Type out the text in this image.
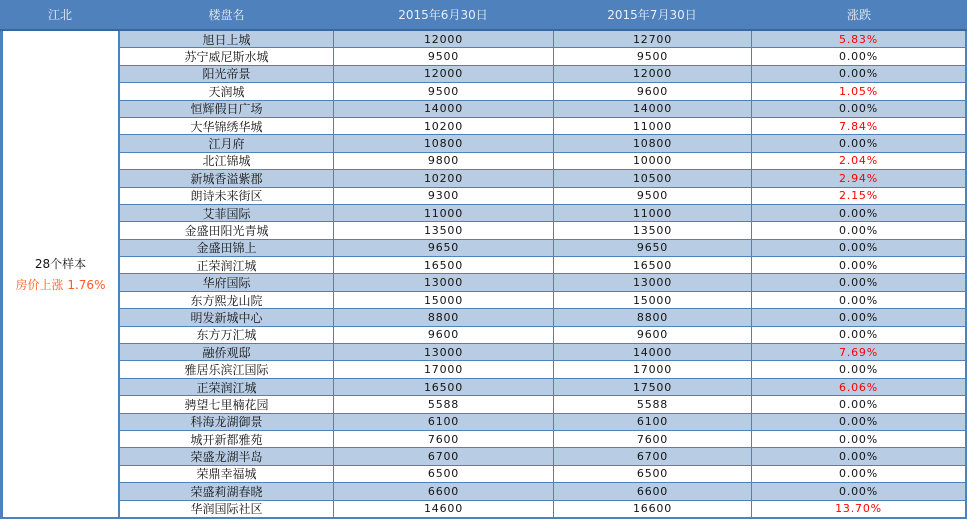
江北	楼盘名	2015年6月30日	2015年7月30日	涨跌
28个样本
房价上涨 1.76%
旭日上城	12000	12700	5.83%
苏宁威尼斯水城	9500	9500	0.00%
阳光帝景	12000	12000	0.00%
天润城	9500	9600	1.05%
恒辉假日广场	14000	14000	0.00%
大华锦绣华城	10200	11000	7.84%
江月府	10800	10800	0.00%
北江锦城	9800	10000	2.04%
新城香溢紫郡	10200	10500	2.94%
朗诗未来街区	9300	9500	2.15%
艾菲国际	11000	11000	0.00%
金盛田阳光青城	13500	13500	0.00%
金盛田锦上	9650	9650	0.00%
正荣润江城	16500	16500	0.00%
华府国际	13000	13000	0.00%
东方熙龙山院	15000	15000	0.00%
明发新城中心	8800	8800	0.00%
东方万汇城	9600	9600	0.00%
融侨观邸	13000	14000	7.69%
雅居乐滨江国际	17000	17000	0.00%
正荣润江城	16500	17500	6.06%
骋望七里楠花园	5588	5588	0.00%
科海龙湖御景	6100	6100	0.00%
城开新都雅苑	7600	7600	0.00%
荣盛龙湖半岛	6700	6700	0.00%
荣鼎幸福城	6500	6500	0.00%
荣盛莉湖春晓	6600	6600	0.00%
华润国际社区	14600	16600	13.70%
